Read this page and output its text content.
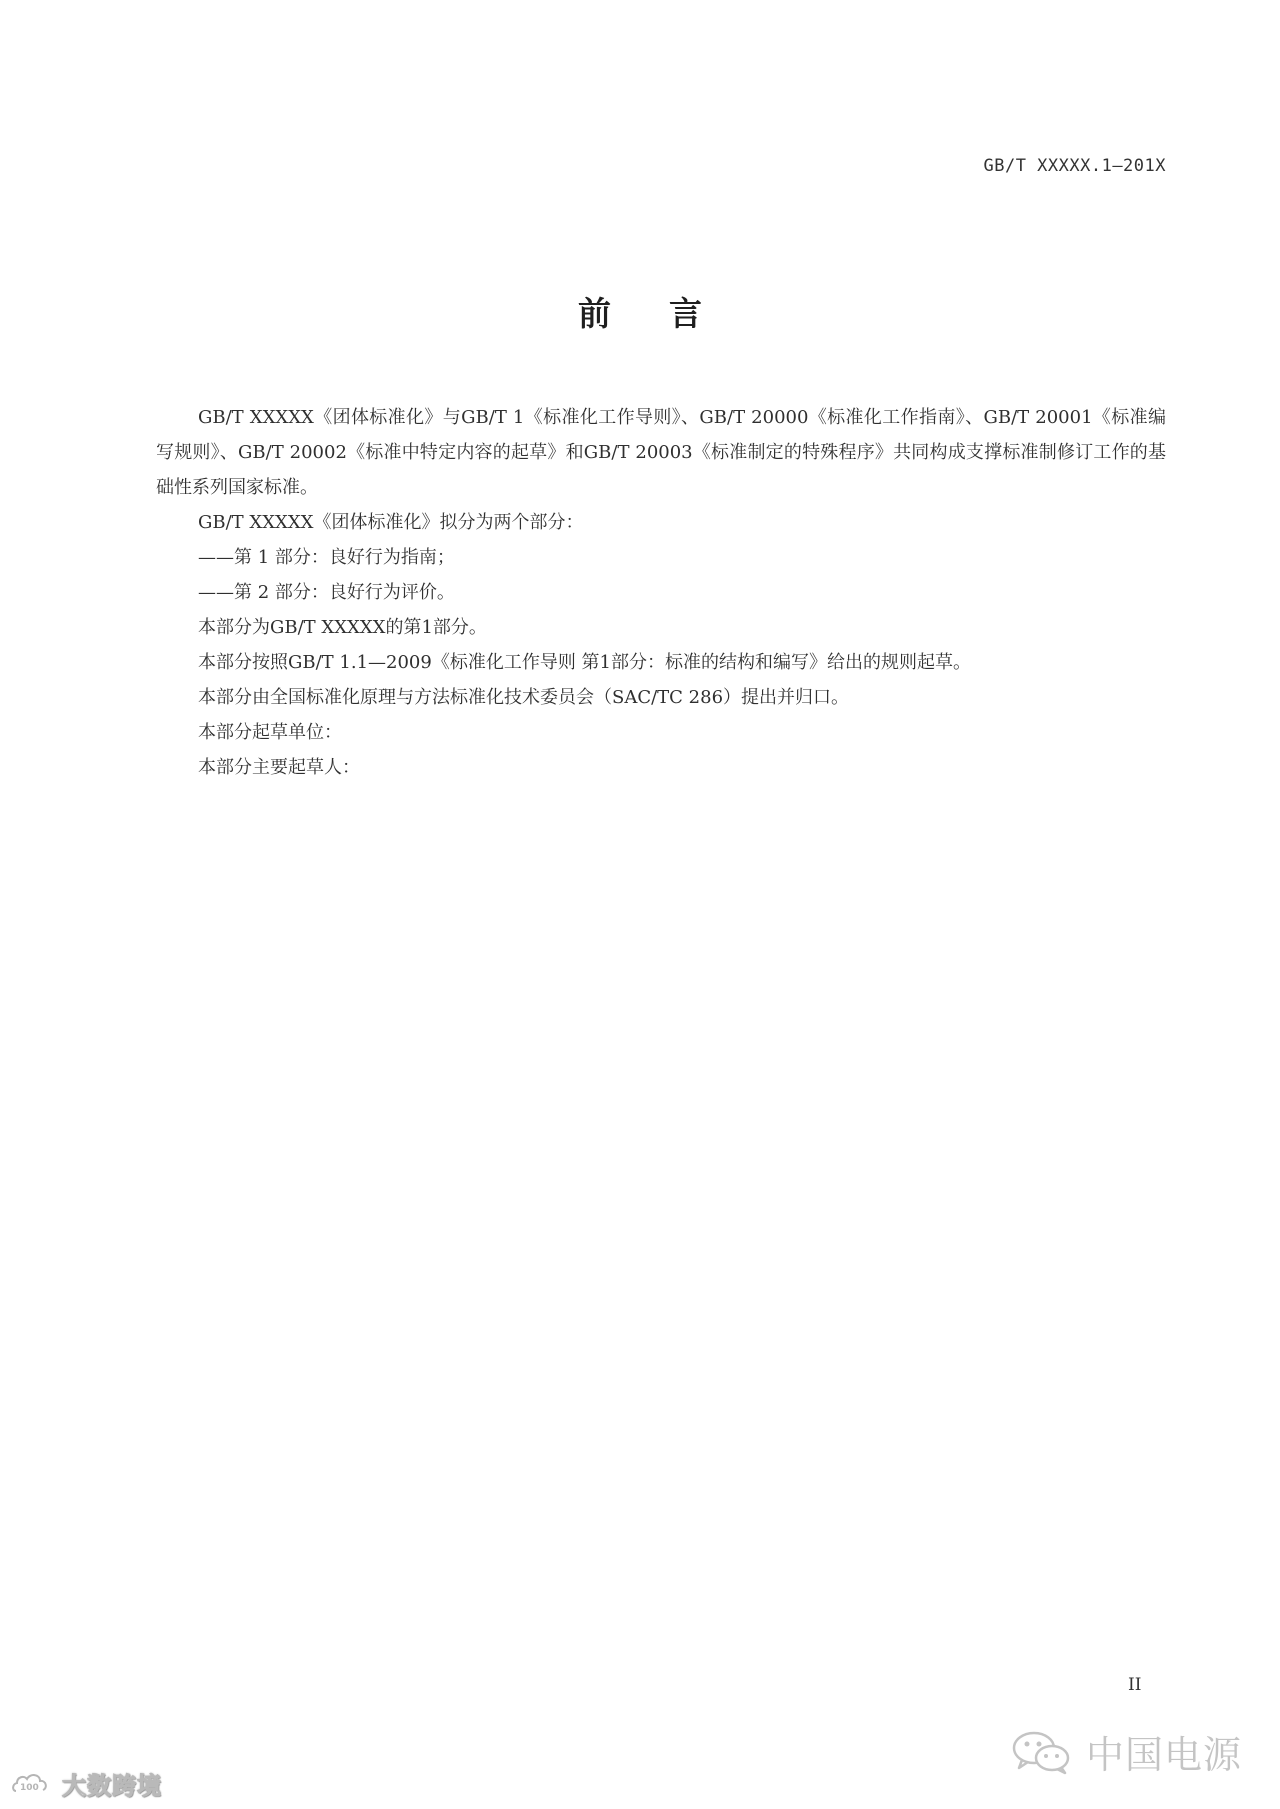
GB/T XXXXX.1—201X
前言

GB/T XXXXX《团体标准化》与GB/T 1《标准化工作导则》、GB/T 20000《标准化工作指南》、GB/T 20001《标准编写规则》、GB/T 20002《标准中特定内容的起草》和GB/T 20003《标准制定的特殊程序》共同构成支撑标准制修订工作的基础性系列国家标准。

GB/T XXXXX《团体标准化》拟分为两个部分：

——第 1 部分：良好行为指南；

——第 2 部分：良好行为评价。

本部分为GB/T XXXXX的第1部分。

本部分按照GB/T 1.1—2009《标准化工作导则 第1部分：标准的结构和编写》给出的规则起草。

本部分由全国标准化原理与方法标准化技术委员会（SAC/TC 286）提出并归口。

本部分起草单位：

本部分主要起草人：

II
100 大数跨境
中国电源
